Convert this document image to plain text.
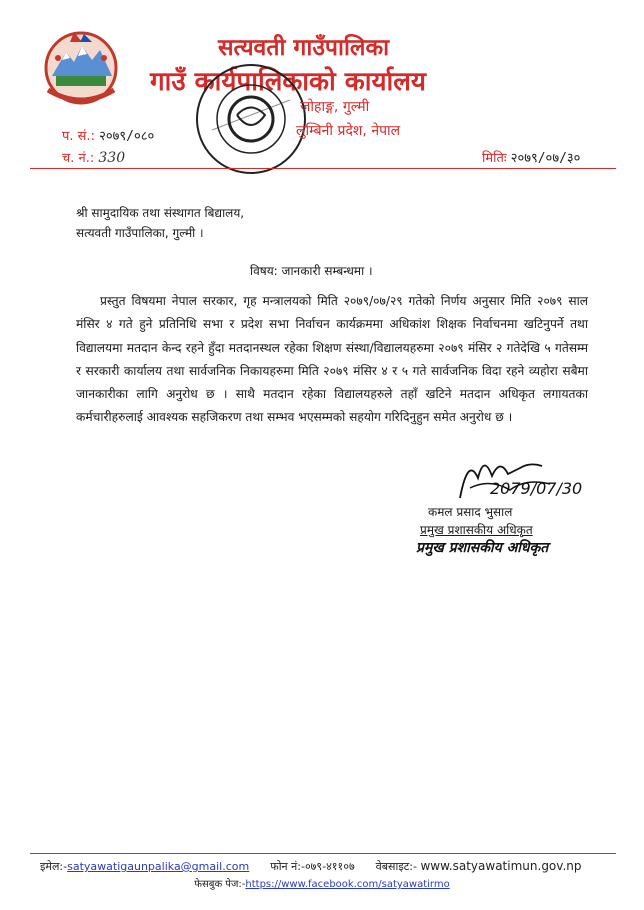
सत्यवती गाउँपालिका
गाउँ कार्यपालिकाको कार्यालय
जोहाङ्ग, गुल्मी
लुम्बिनी प्रदेश, नेपाल
प. सं.: २०७९/०८०
च. नं.: 330	मितिः २०७९/०७/३०
श्री सामुदायिक तथा संस्थागत बिद्यालय,
सत्यवती गाउँपालिका, गुल्मी ।
विषय: जानकारी सम्बन्धमा ।
प्रस्तुत विषयमा नेपाल सरकार, गृह मन्त्रालयको मिति २०७९/०७/२९ गतेको निर्णय अनुसार मिति २०७९ साल मंसिर ४ गते हुने प्रतिनिधि सभा र प्रदेश सभा निर्वाचन कार्यक्रममा अधिकांश शिक्षक निर्वाचनमा खटिनुपर्ने तथा विद्यालयमा मतदान केन्द रहने हुँदा मतदानस्थल रहेका शिक्षण संस्था/विद्यालयहरुमा २०७९ मंसिर २ गतेदेखि ५ गतेसम्म र सरकारी कार्यालय तथा सार्वजनिक निकायहरुमा मिति २०७९ मंसिर ४ र ५ गते सार्वजनिक विदा रहने व्यहोरा सबैमा जानकारीका लागि अनुरोध छ । साथै मतदान रहेका विद्यालयहरुले तहाँ खटिने मतदान अधिकृत लगायतका कर्मचारीहरुलाई आवश्यक सहजिकरण तथा सम्भव भएसम्मको सहयोग गरिदिनुहुन समेत अनुरोध छ ।
2079/07/30
कमल प्रसाद भुसाल
प्रमुख प्रशासकीय अधिकृत
प्रमुख प्रशासकीय अधिकृत
इमेल:-satyawatigaunpalika@gmail.com फोन नं:-०७९-४११०७ वेबसाइट:- www.satyawatimun.gov.np
फेसबुक पेज:-https://www.facebook.com/satyawatirmo
